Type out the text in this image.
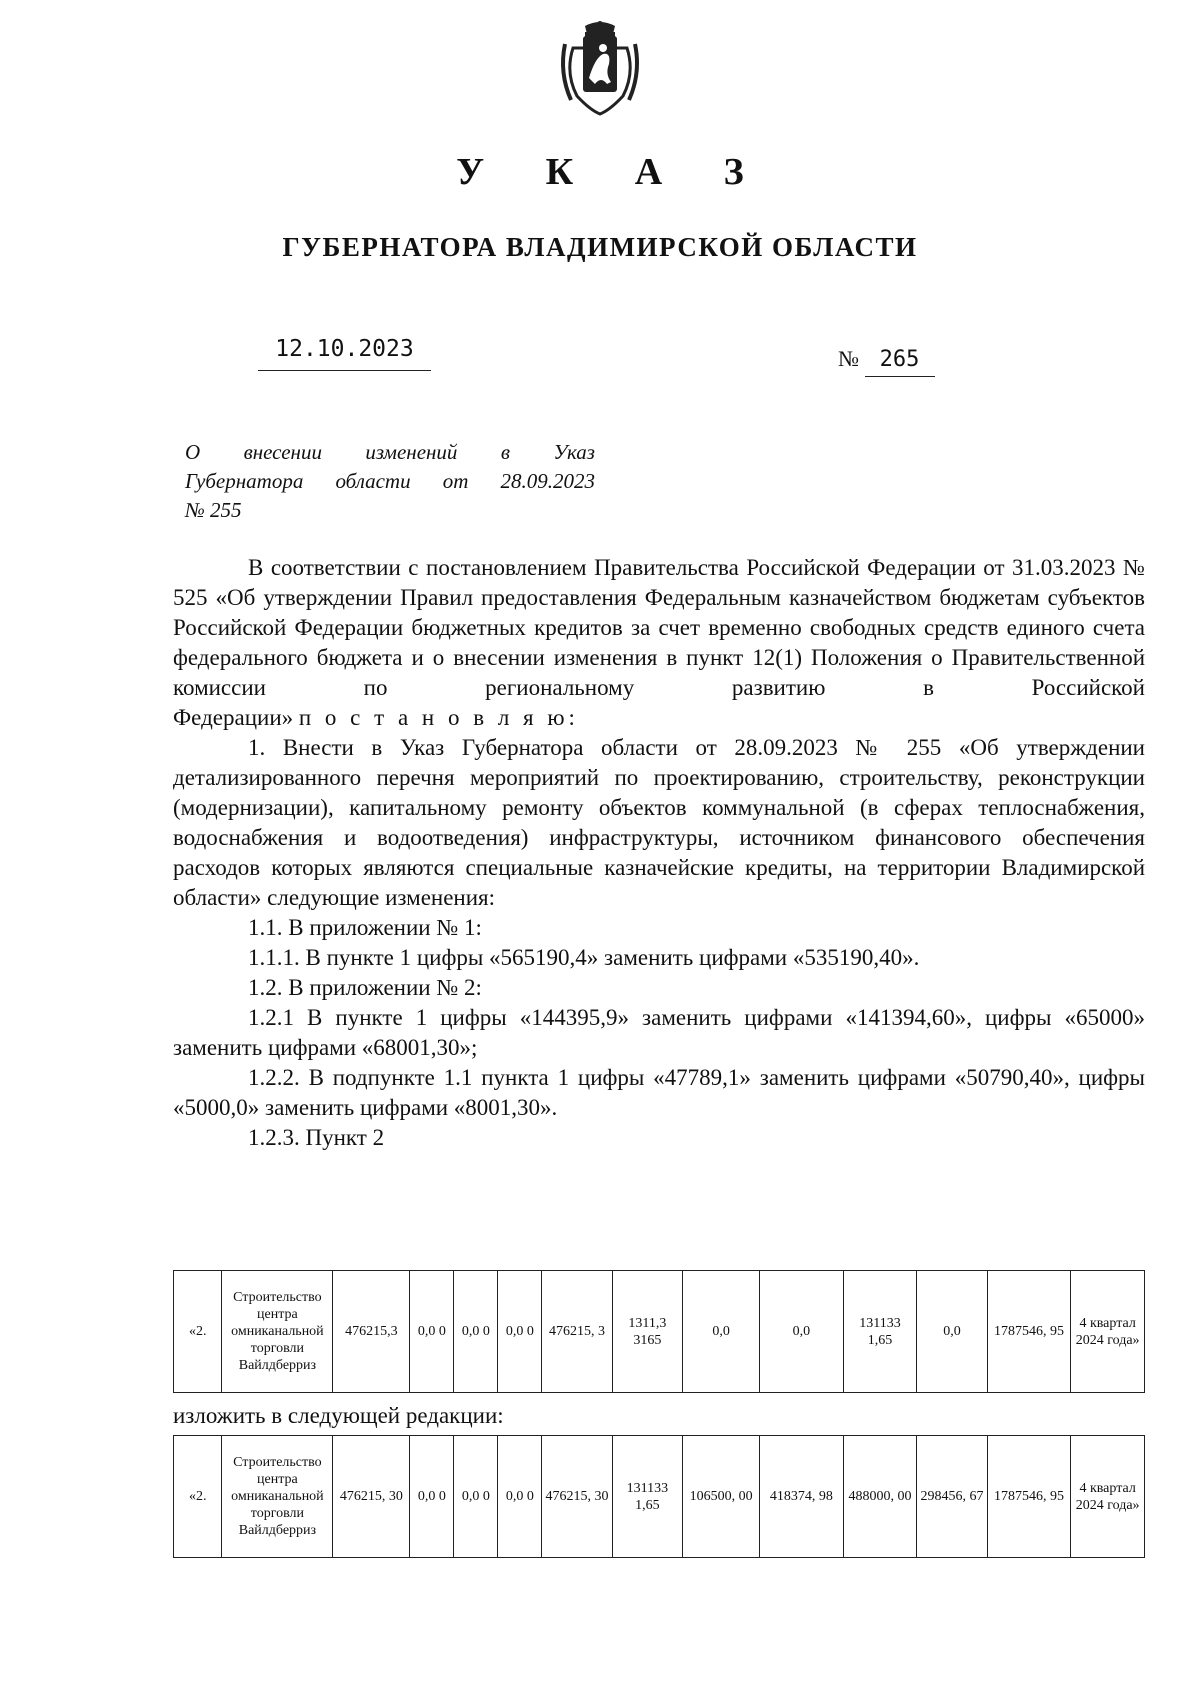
У К А З
ГУБЕРНАТОРА ВЛАДИМИРСКОЙ ОБЛАСТИ
12.10.2023	№ 265
О внесении изменений в Указ
Губернатора области от 28.09.2023
№ 255

В соответствии с постановлением Правительства Российской Федерации от 31.03.2023 № 525 «Об утверждении Правил предоставления Федеральным казначейством бюджетам субъектов Российской Федерации бюджетных кредитов за счет временно свободных средств единого счета федерального бюджета и о внесении изменения в пункт 12(1) Положения о Правительственной комиссии по региональному развитию в Российской

Федерации» п о с т а н о в л я ю:

1. Внести в Указ Губернатора области от 28.09.2023 № 255 «Об утверждении детализированного перечня мероприятий по проектированию, строительству, реконструкции (модернизации), капитальному ремонту объектов коммунальной (в сферах теплоснабжения, водоснабжения и водоотведения) инфраструктуры, источником финансового обеспечения расходов которых являются специальные казначейские кредиты, на территории Владимирской области» следующие изменения:

1.1. В приложении № 1:

1.1.1. В пункте 1 цифры «565190,4» заменить цифрами «535190,40».

1.2. В приложении № 2:

1.2.1 В пункте 1 цифры «144395,9» заменить цифрами «141394,60», цифры «65000» заменить цифрами «68001,30»;

1.2.2. В подпункте 1.1 пункта 1 цифры «47789,1» заменить цифрами «50790,40», цифры «5000,0» заменить цифрами «8001,30».

1.2.3. Пункт 2

«2.	Строительство центра омниканальной торговли Вайлдберриз	476215,3	0,0 0	0,0 0	0,0 0	476215, 3	1311,3 3165	0,0	0,0	131133 1,65	0,0	1787546, 95	4 квартал 2024 года»
изложить в следующей редакции:
«2.	Строительство центра омниканальной торговли Вайлдберриз	476215, 30	0,0 0	0,0 0	0,0 0	476215, 30	131133 1,65	106500, 00	418374, 98	488000, 00	298456, 67	1787546, 95	4 квартал 2024 года»
